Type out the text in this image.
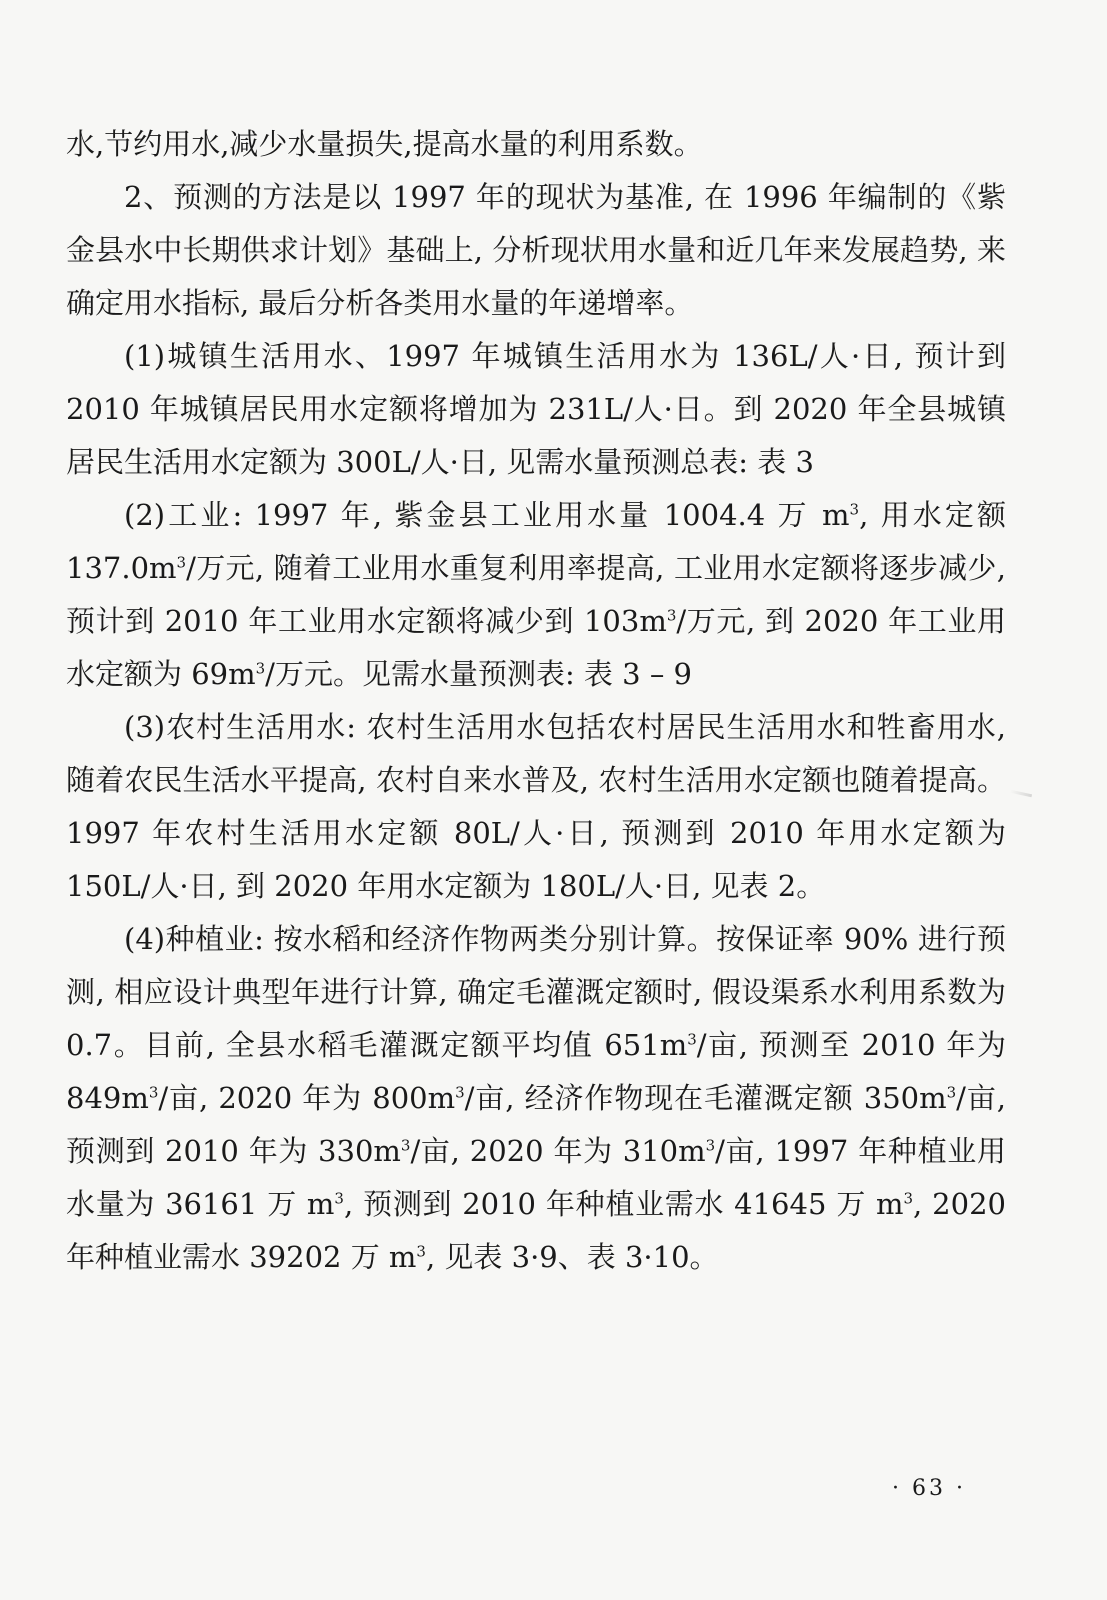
水,节约用水,减少水量损失,提高水量的利用系数。

2、预测的方法是以 1997 年的现状为基准, 在 1996 年编制的《紫金县水中长期供求计划》基础上, 分析现状用水量和近几年来发展趋势, 来确定用水指标, 最后分析各类用水量的年递增率。

(1)城镇生活用水、1997 年城镇生活用水为 136L/人·日, 预计到 2010 年城镇居民用水定额将增加为 231L/人·日。到 2020 年全县城镇居民生活用水定额为 300L/人·日, 见需水量预测总表: 表 3

(2)工业: 1997 年, 紫金县工业用水量 1004.4 万 $m^3$, 用水定额 $137.0m^3/$万元, 随着工业用水重复利用率提高, 工业用水定额将逐步减少, 预计到 2010 年工业用水定额将减少到 $103m^3/$万元, 到 2020 年工业用水定额为 $69m^3/$万元。见需水量预测表: 表 3 – 9

(3)农村生活用水: 农村生活用水包括农村居民生活用水和牲畜用水, 随着农民生活水平提高, 农村自来水普及, 农村生活用水定额也随着提高。1997 年农村生活用水定额 80L/人·日, 预测到 2010 年用水定额为 150L/人·日, 到 2020 年用水定额为 180L/人·日, 见表 2。

(4)种植业: 按水稻和经济作物两类分别计算。按保证率 90% 进行预测, 相应设计典型年进行计算, 确定毛灌溉定额时, 假设渠系水利用系数为 0.7。目前, 全县水稻毛灌溉定额平均值 $651m^3/$亩, 预测至 2010 年为 $849m^3/$亩, 2020 年为 $800m^3/$亩, 经济作物现在毛灌溉定额 $350m^3/$亩, 预测到 2010 年为 $330m^3/$亩, 2020 年为 $310m^3/$亩, 1997 年种植业用水量为 36161 万 $m^3$, 预测到 2010 年种植业需水 41645 万 $m^3$, 2020 年种植业需水 39202 万 $m^3$, 见表 3·9、表 3·10。

· 63 ·
